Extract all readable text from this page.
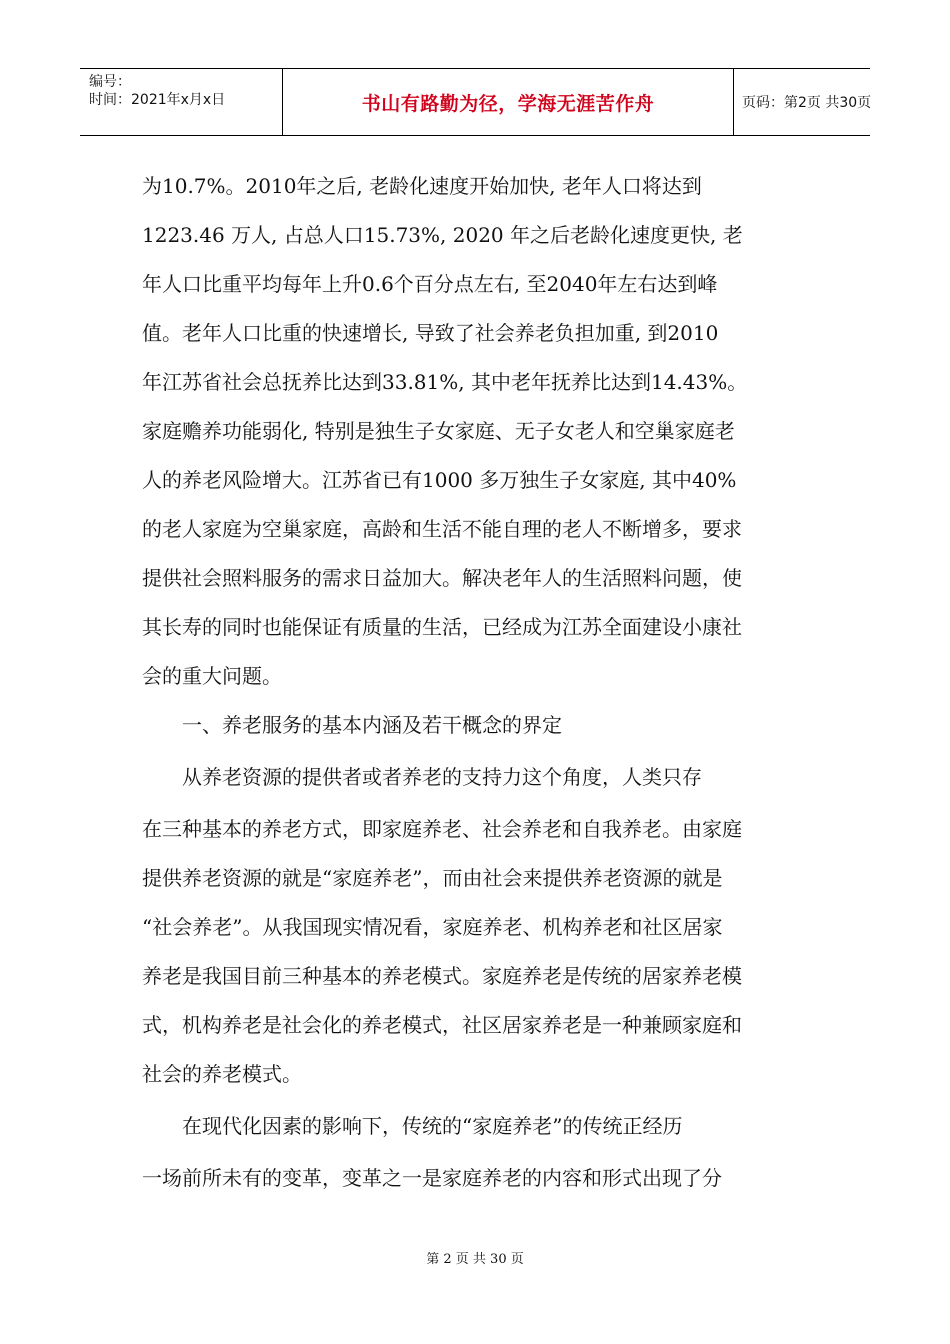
编号：
时间：2021年x月x日	书山有路勤为径，学海无涯苦作舟	页码：第2页 共30页
为10.7%。2010年之后, 老龄化速度开始加快, 老年人口将达到
1223.46 万人, 占总人口15.73%, 2020 年之后老龄化速度更快, 老
年人口比重平均每年上升0.6个百分点左右, 至2040年左右达到峰
值。老年人口比重的快速增长, 导致了社会养老负担加重, 到2010
年江苏省社会总抚养比达到33.81%, 其中老年抚养比达到14.43%。
家庭赡养功能弱化, 特别是独生子女家庭、无子女老人和空巢家庭老
人的养老风险增大。江苏省已有1000 多万独生子女家庭, 其中40%
的老人家庭为空巢家庭，高龄和生活不能自理的老人不断增多，要求
提供社会照料服务的需求日益加大。解决老年人的生活照料问题，使
其长寿的同时也能保证有质量的生活，已经成为江苏全面建设小康社
会的重大问题。
　　一、养老服务的基本内涵及若干概念的界定
　　从养老资源的提供者或者养老的支持力这个角度，人类只存
在三种基本的养老方式，即家庭养老、社会养老和自我养老。由家庭
提供养老资源的就是“家庭养老”，而由社会来提供养老资源的就是
“社会养老”。从我国现实情况看，家庭养老、机构养老和社区居家
养老是我国目前三种基本的养老模式。家庭养老是传统的居家养老模
式，机构养老是社会化的养老模式，社区居家养老是一种兼顾家庭和
社会的养老模式。
　　在现代化因素的影响下，传统的“家庭养老”的传统正经历
一场前所未有的变革，变革之一是家庭养老的内容和形式出现了分
第 2 页 共 30 页
